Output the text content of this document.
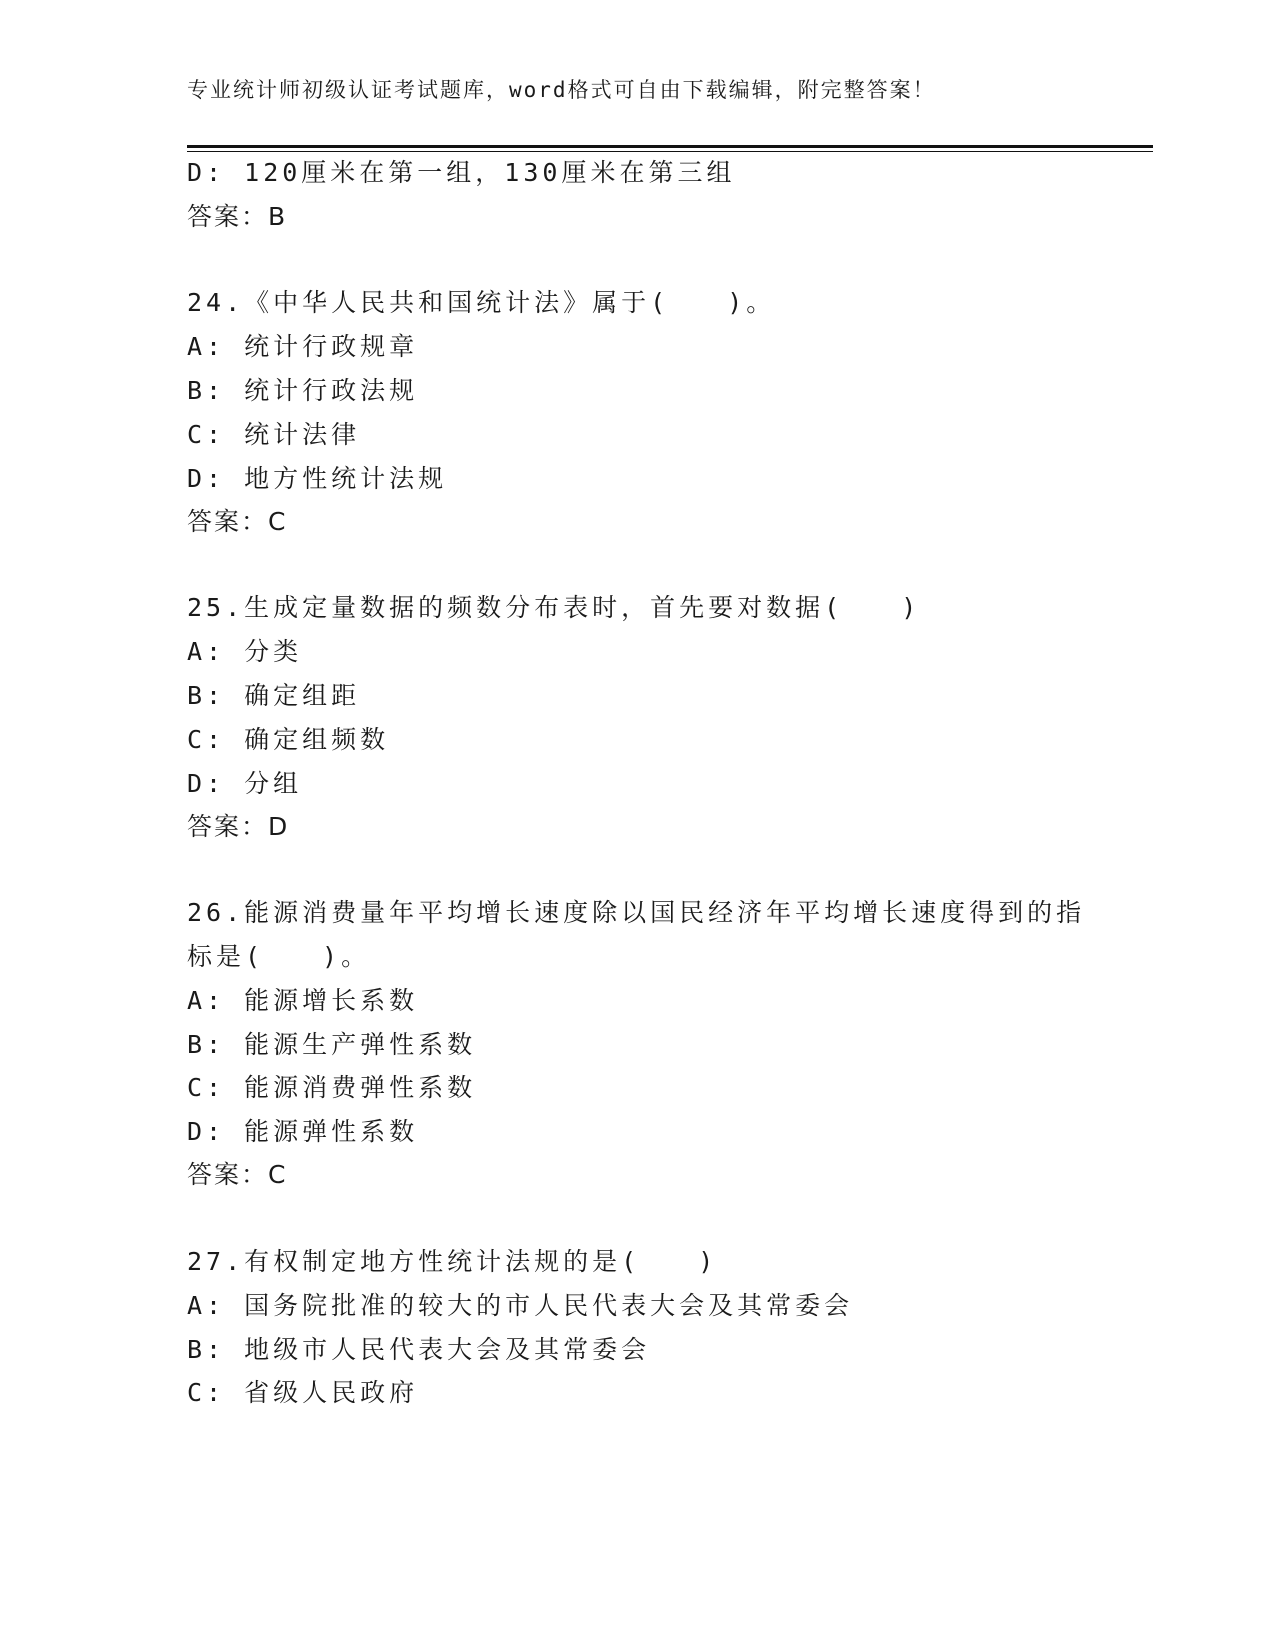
专业统计师初级认证考试题库，word格式可自由下载编辑，附完整答案！
D: 120厘米在第一组，130厘米在第三组
答案：B
24.《中华人民共和国统计法》属于(　　)。
A: 统计行政规章
B: 统计行政法规
C: 统计法律
D: 地方性统计法规
答案：C
25.生成定量数据的频数分布表时，首先要对数据(　　)
A: 分类
B: 确定组距
C: 确定组频数
D: 分组
答案：D
26.能源消费量年平均增长速度除以国民经济年平均增长速度得到的指
标是(　　)。
A: 能源增长系数
B: 能源生产弹性系数
C: 能源消费弹性系数
D: 能源弹性系数
答案：C
27.有权制定地方性统计法规的是(　　)
A: 国务院批准的较大的市人民代表大会及其常委会
B: 地级市人民代表大会及其常委会
C: 省级人民政府
